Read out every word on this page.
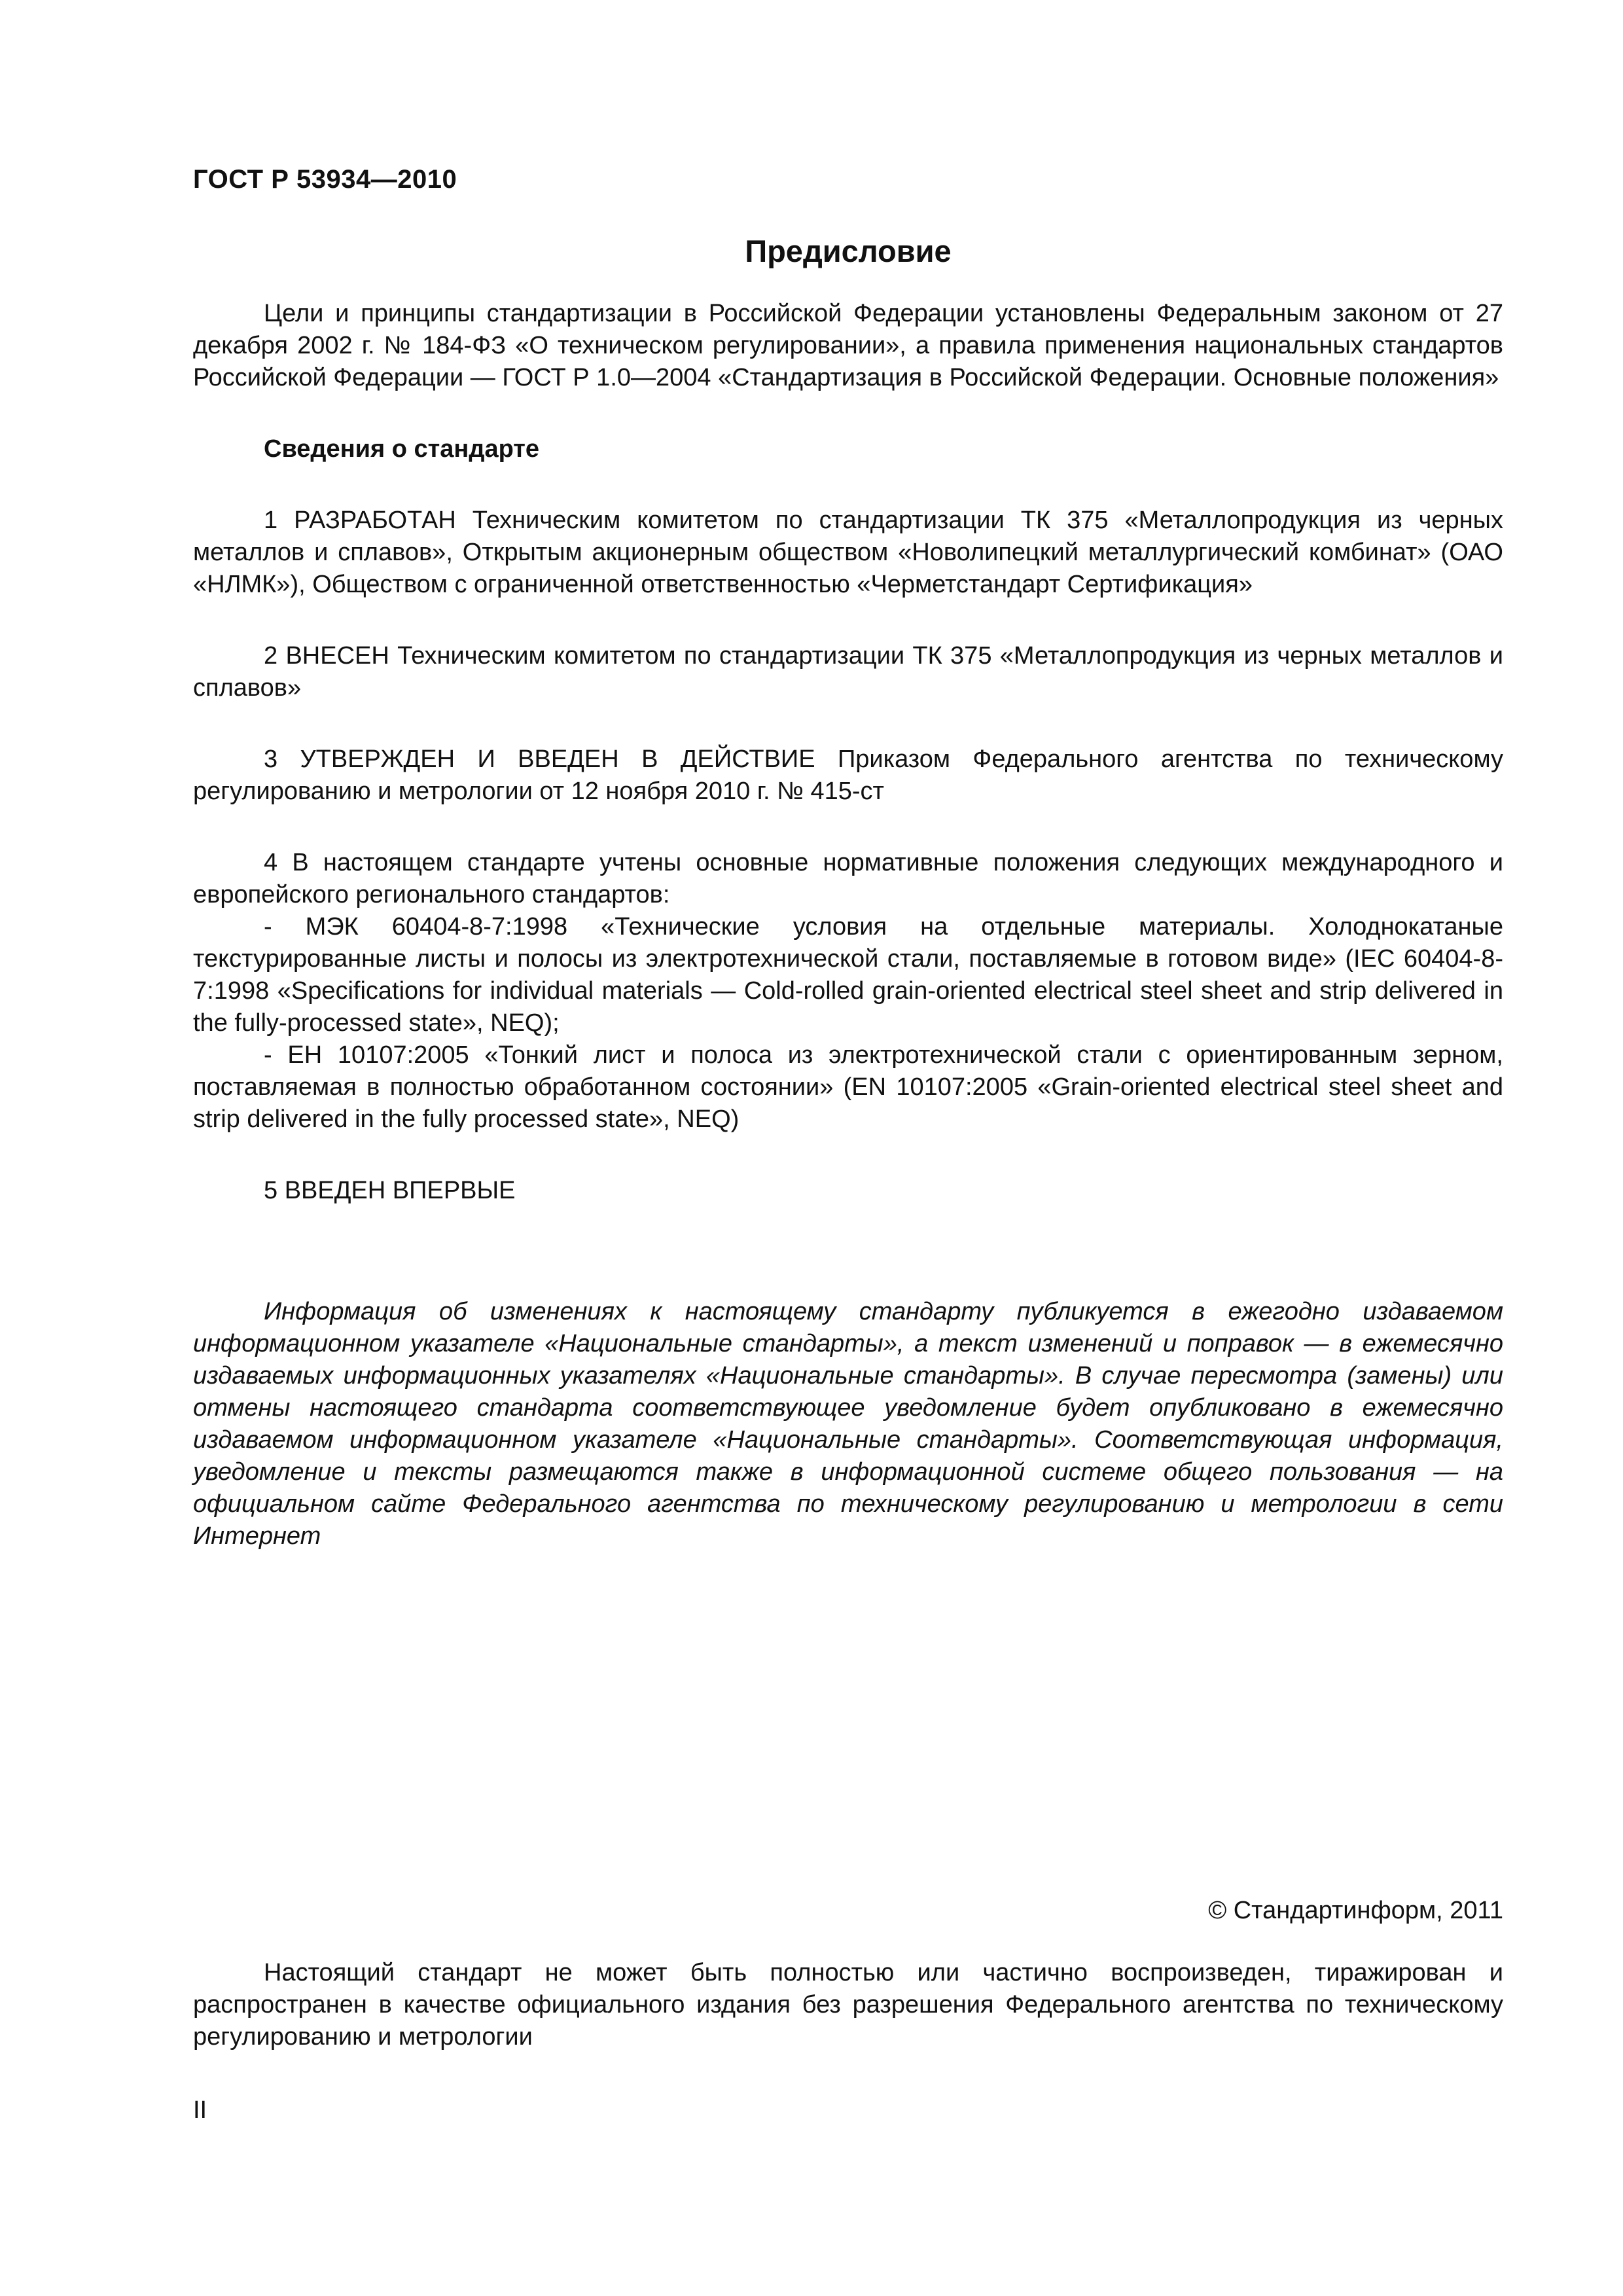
ГОСТ Р 53934—2010
Предисловие

Цели и принципы стандартизации в Российской Федерации установлены Федеральным законом от 27 декабря 2002 г. № 184-ФЗ «О техническом регулировании», а правила применения национальных стандартов Российской Федерации — ГОСТ Р 1.0—2004 «Стандартизация в Российской Федерации. Основные положения»

Сведения о стандарте

1 РАЗРАБОТАН Техническим комитетом по стандартизации ТК 375 «Металлопродукция из черных металлов и сплавов», Открытым акционерным обществом «Новолипецкий металлургический комбинат» (ОАО «НЛМК»), Обществом с ограниченной ответственностью «Черметстандарт Сертификация»

2 ВНЕСЕН Техническим комитетом по стандартизации ТК 375 «Металлопродукция из черных металлов и сплавов»

3 УТВЕРЖДЕН И ВВЕДЕН В ДЕЙСТВИЕ Приказом Федерального агентства по техническому регулированию и метрологии от 12 ноября 2010 г. № 415-ст

4 В настоящем стандарте учтены основные нормативные положения следующих международного и европейского регионального стандартов:

- МЭК 60404-8-7:1998 «Технические условия на отдельные материалы. Холоднокатаные текстурированные листы и полосы из электротехнической стали, поставляемые в готовом виде» (IEC 60404-8-7:1998 «Specifications for individual materials — Cold-rolled grain-oriented electrical steel sheet and strip delivered in the fully-processed state», NEQ);

- ЕН 10107:2005 «Тонкий лист и полоса из электротехнической стали с ориентированным зерном, поставляемая в полностью обработанном состоянии» (EN 10107:2005 «Grain-oriented electrical steel sheet and strip delivered in the fully processed state», NEQ)

5 ВВЕДЕН ВПЕРВЫЕ

Информация об изменениях к настоящему стандарту публикуется в ежегодно издаваемом информационном указателе «Национальные стандарты», а текст изменений и поправок — в ежемесячно издаваемых информационных указателях «Национальные стандарты». В случае пересмотра (замены) или отмены настоящего стандарта соответствующее уведомление будет опубликовано в ежемесячно издаваемом информационном указателе «Национальные стандарты». Соответствующая информация, уведомление и тексты размещаются также в информационной системе общего пользования — на официальном сайте Федерального агентства по техническому регулированию и метрологии в сети Интернет
© Стандартинформ, 2011
Настоящий стандарт не может быть полностью или частично воспроизведен, тиражирован и распространен в качестве официального издания без разрешения Федерального агентства по техническому регулированию и метрологии
II
